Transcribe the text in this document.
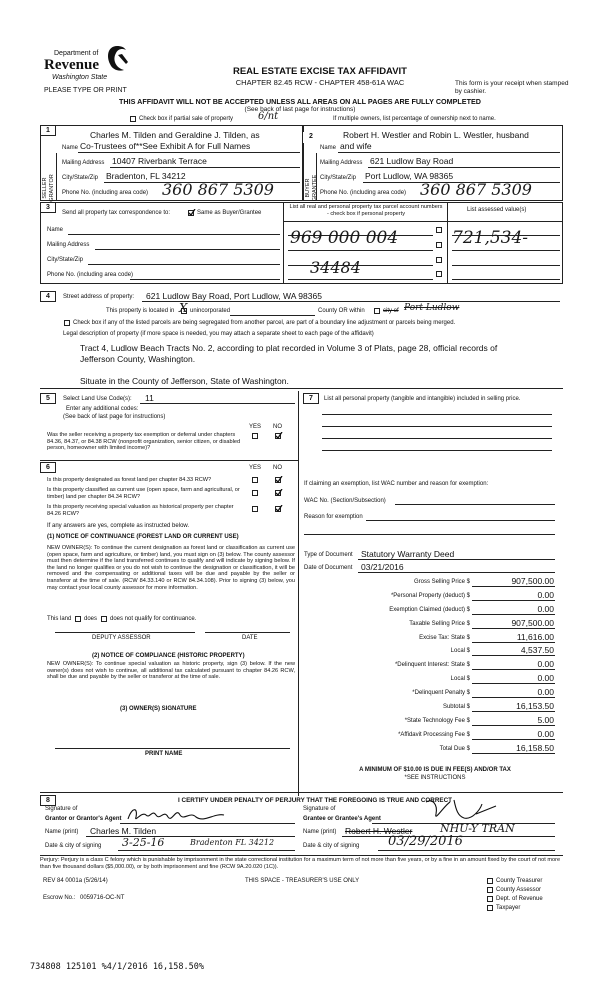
Department of
Revenue
Washington State
PLEASE TYPE OR PRINT
REAL ESTATE EXCISE TAX AFFIDAVIT
CHAPTER 82.45 RCW - CHAPTER 458-61A WAC	This form is your receipt when stamped by cashier.
THIS AFFIDAVIT WILL NOT BE ACCEPTED UNLESS ALL AREAS ON ALL PAGES ARE FULLY COMPLETED
(See back of last page for instructions)
Check box if partial sale of property 6/nt	If multiple owners, list percentage of ownership next to name.
1
2
SELLER GRANTOR	BUYER GRANTEE
Charles M. Tilden and Geraldine J. Tilden, as
Name Co-Trustees of**See Exhibit A for Full Names
Mailing Address 10407 Riverbank Terrace
City/State/Zip Bradenton, FL 34212
Phone No. (including area code) 360 867 5309
Robert H. Westler and Robin L. Westler, husband
Name and wife
Mailing Address 621 Ludlow Bay Road
City/State/Zip Port Ludlow, WA 98365
Phone No. (including area code) 360 867 5309
3
Send all property tax correspondence to:	Same as Buyer/Grantee
List all real and personal property tax parcel account numbers - check box if personal property
List assessed value(s)
Name
Mailing Address
City/State/Zip
Phone No. (including area code)
969 000 004	721,534-
34484
4	Street address of property: 621 Ludlow Bay Road, Port Ludlow, WA 98365
This property is located in X unincorporated	County OR within	city of Port Ludlow
Check box if any of the listed parcels are being segregated from another parcel, are part of a boundary line adjustment or parcels being merged.
Legal description of property (if more space is needed, you may attach a separate sheet to each page of the affidavit)
Tract 4, Ludlow Beach Tracts No. 2, according to plat recorded in Volume 3 of Plats, page 28, official records of
Jefferson County, Washington.
Situate in the County of Jefferson, State of Washington.
5	Select Land Use Code(s): 11
Enter any additional codes:
(See back of last page for instructions)
YES NO
Was the seller receiving a property tax exemption or deferral under chapters 84.36, 84.37, or 84.38 RCW (nonprofit organization, senior citizen, or disabled person, homeowner with limited income)?
7	List all personal property (tangible and intangible) included in selling price.
6	YES NO
Is this property designated as forest land per chapter 84.33 RCW?
Is this property classified as current use (open space, farm and agricultural, or timber) land per chapter 84.34 RCW?
Is this property receiving special valuation as historical property per chapter 84.26 RCW?
If any answers are yes, complete as instructed below.
(1) NOTICE OF CONTINUANCE (FOREST LAND OR CURRENT USE)
NEW OWNER(S): To continue the current designation as forest land or classification as current use (open space, farm and agriculture, or timber) land, you must sign on (3) below. The county assessor must then determine if the land transferred continues to qualify and will indicate by signing below. If the land no longer qualifies or you do not wish to continue the designation or classification, it will be removed and the compensating or additional taxes will be due and payable by the seller or transferor at the time of sale. (RCW 84.33.140 or RCW 84.34.108). Prior to signing (3) below, you may contact your local county assessor for more information.
This land does does not qualify for continuance.
DEPUTY ASSESSOR	DATE
(2) NOTICE OF COMPLIANCE (HISTORIC PROPERTY)
NEW OWNER(S): To continue special valuation as historic property, sign (3) below. If the new owner(s) does not wish to continue, all additional tax calculated pursuant to chapter 84.26 RCW, shall be due and payable by the seller or transferor at the time of sale.
(3) OWNER(S) SIGNATURE
PRINT NAME
If claiming an exemption, list WAC number and reason for exemption:
WAC No. (Section/Subsection)
Reason for exemption
Type of Document Statutory Warranty Deed
Date of Document 03/21/2016
Gross Selling Price $	907,500.00
*Personal Property (deduct) $	0.00
Exemption Claimed (deduct) $	0.00
Taxable Selling Price $	907,500.00
Excise Tax: State $	11,616.00
Local $	4,537.50
*Delinquent Interest: State $	0.00
Local $	0.00
*Delinquent Penalty $	0.00
Subtotal $	16,153.50
*State Technology Fee $	5.00
*Affidavit Processing Fee $	0.00
Total Due $	16,158.50
A MINIMUM OF $10.00 IS DUE IN FEE(S) AND/OR TAX
*SEE INSTRUCTIONS
8	I CERTIFY UNDER PENALTY OF PERJURY THAT THE FOREGOING IS TRUE AND CORRECT
Signature of
Grantor or Grantor's Agent
Name (print) Charles M. Tilden
Date & city of signing 3-25-16	Bradenton FL 34212
Signature of
Grantee or Grantee's Agent
Name (print) Robert H. Westler	NHU-Y TRAN
Date & city of signing 03/29/2016
Perjury: Perjury is a class C felony which is punishable by imprisonment in the state correctional institution for a maximum term of not more than five years, or by a fine in an amount fixed by the court of not more than five thousand dollars ($5,000.00), or by both imprisonment and fine (RCW 9A.20.020 (1C)).
REV 84 0001a (5/26/14)	THIS SPACE - TREASURER'S USE ONLY
Escrow No.: 0059716-OC-NT
County Treasurer
County Assessor
Dept. of Revenue
Taxpayer
734808 125101 %4/1/2016 16,158.50%
